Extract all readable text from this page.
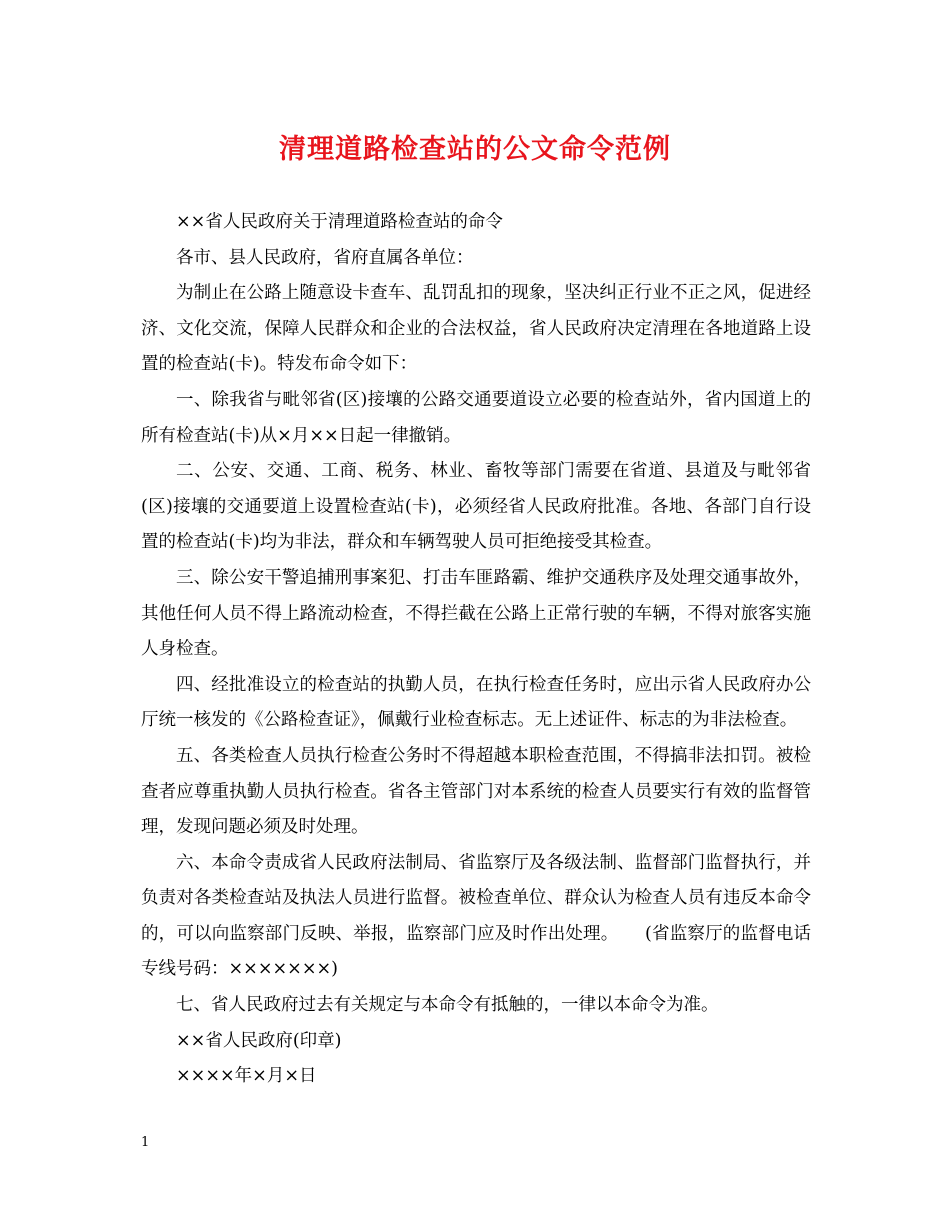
清理道路检查站的公文命令范例

××省人民政府关于清理道路检查站的命令

各市、县人民政府，省府直属各单位：

为制止在公路上随意设卡查车、乱罚乱扣的现象，坚决纠正行业不正之风，促进经济、文化交流，保障人民群众和企业的合法权益，省人民政府决定清理在各地道路上设置的检查站(卡)。特发布命令如下：

一、除我省与毗邻省(区)接壤的公路交通要道设立必要的检查站外，省内国道上的所有检查站(卡)从×月××日起一律撤销。

二、公安、交通、工商、税务、林业、畜牧等部门需要在省道、县道及与毗邻省(区)接壤的交通要道上设置检查站(卡)，必须经省人民政府批准。各地、各部门自行设置的检查站(卡)均为非法，群众和车辆驾驶人员可拒绝接受其检查。

三、除公安干警追捕刑事案犯、打击车匪路霸、维护交通秩序及处理交通事故外，其他任何人员不得上路流动检查，不得拦截在公路上正常行驶的车辆，不得对旅客实施人身检查。

四、经批准设立的检查站的执勤人员，在执行检查任务时，应出示省人民政府办公厅统一核发的《公路检查证》，佩戴行业检查标志。无上述证件、标志的为非法检查。

五、各类检查人员执行检查公务时不得超越本职检查范围，不得搞非法扣罚。被检查者应尊重执勤人员执行检查。省各主管部门对本系统的检查人员要实行有效的监督管理，发现问题必须及时处理。

六、本命令责成省人民政府法制局、省监察厅及各级法制、监督部门监督执行，并负责对各类检查站及执法人员进行监督。被检查单位、群众认为检查人员有违反本命令的，可以向监察部门反映、举报，监察部门应及时作出处理。　　(省监察厅的监督电话专线号码：×××××××)

七、省人民政府过去有关规定与本命令有抵触的，一律以本命令为准。

××省人民政府(印章)

××××年×月×日

1
